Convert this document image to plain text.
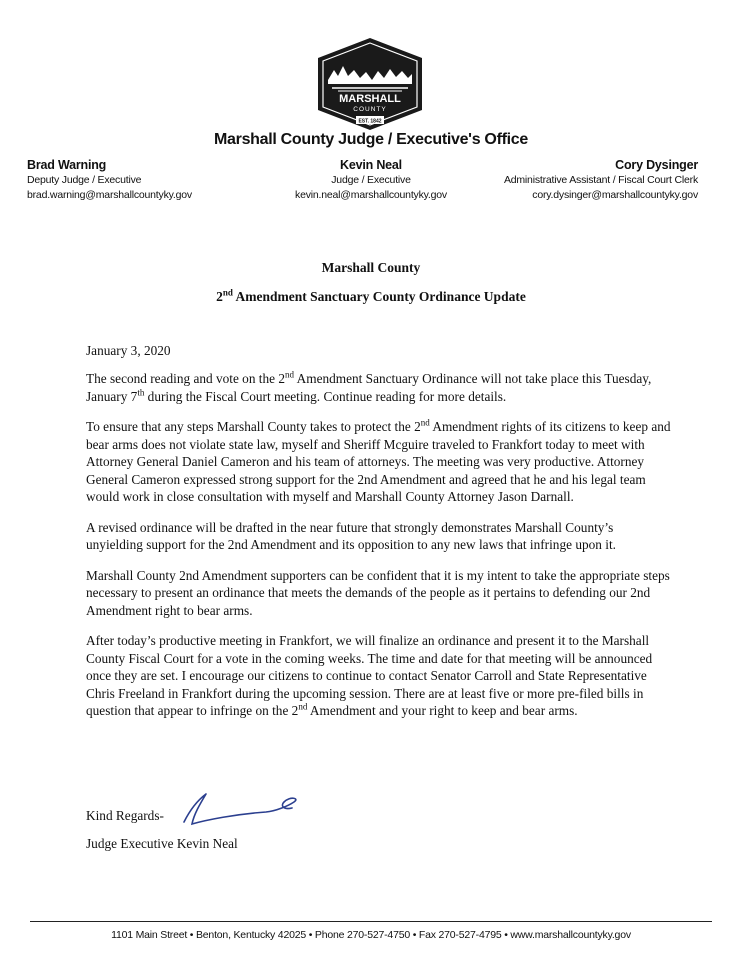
MARSHALL
COUNTY
EST. 1842
Marshall County Judge / Executive's Office
Brad Warning
Deputy Judge / Executive
brad.warning@marshallcountyky.gov
Kevin Neal
Judge / Executive
kevin.neal@marshallcountyky.gov
Cory Dysinger
Administrative Assistant / Fiscal Court Clerk
cory.dysinger@marshallcountyky.gov
Marshall County
2nd Amendment Sanctuary County Ordinance Update
January 3, 2020

The second reading and vote on the 2nd Amendment Sanctuary Ordinance will not take place this Tuesday, January 7th during the Fiscal Court meeting. Continue reading for more details.

To ensure that any steps Marshall County takes to protect the 2nd Amendment rights of its citizens to keep and bear arms does not violate state law, myself and Sheriff Mcguire traveled to Frankfort today to meet with Attorney General Daniel Cameron and his team of attorneys. The meeting was very productive. Attorney General Cameron expressed strong support for the 2nd Amendment and agreed that he and his legal team would work in close consultation with myself and Marshall County Attorney Jason Darnall.

A revised ordinance will be drafted in the near future that strongly demonstrates Marshall County’s unyielding support for the 2nd Amendment and its opposition to any new laws that infringe upon it.

Marshall County 2nd Amendment supporters can be confident that it is my intent to take the appropriate steps necessary to present an ordinance that meets the demands of the people as it pertains to defending our 2nd Amendment right to bear arms.

After today’s productive meeting in Frankfort, we will finalize an ordinance and present it to the Marshall County Fiscal Court for a vote in the coming weeks. The time and date for that meeting will be announced once they are set. I encourage our citizens to continue to contact Senator Carroll and State Representative Chris Freeland in Frankfort during the upcoming session. There are at least five or more pre-filed bills in question that appear to infringe on the 2nd Amendment and your right to keep and bear arms.

Kind Regards-
Judge Executive Kevin Neal
1101 Main Street • Benton, Kentucky 42025 • Phone 270-527-4750 • Fax 270-527-4795 • www.marshallcountyky.gov
